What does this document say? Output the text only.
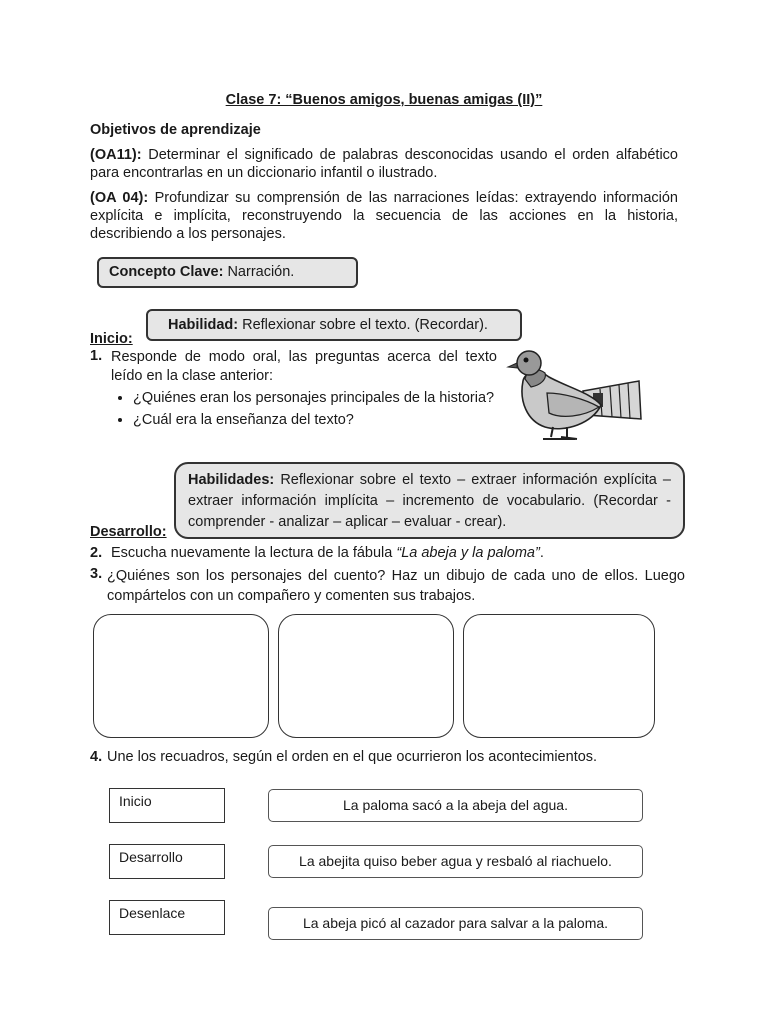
Clase 7: “Buenos amigos, buenas amigas (II)”
Objetivos de aprendizaje
(OA11): Determinar el significado de palabras desconocidas usando el orden alfabético para encontrarlas en un diccionario infantil o ilustrado.
(OA 04): Profundizar su comprensión de las narraciones leídas: extrayendo información explícita e implícita, reconstruyendo la secuencia de las acciones en la historia, describiendo a los personajes.
Concepto Clave: Narración.
Inicio:
Habilidad: Reflexionar sobre el texto. (Recordar).
1. Responde de modo oral, las preguntas acerca del texto leído en la clase anterior:
• ¿Quiénes eran los personajes principales de la historia?
• ¿Cuál era la enseñanza del texto?
Habilidades: Reflexionar sobre el texto – extraer información explícita – extraer información implícita – incremento de vocabulario. (Recordar - comprender - analizar – aplicar – evaluar - crear).
Desarrollo:
2. Escucha nuevamente la lectura de la fábula “La abeja y la paloma”.
3. ¿Quiénes son los personajes del cuento? Haz un dibujo de cada uno de ellos. Luego compártelos con un compañero y comenten sus trabajos.
4. Une los recuadros, según el orden en el que ocurrieron los acontecimientos.
Inicio
Desarrollo
Desenlace
La paloma sacó a la abeja del agua.
La abejita quiso beber agua y resbaló al riachuelo.
La abeja picó al cazador para salvar a la paloma.
